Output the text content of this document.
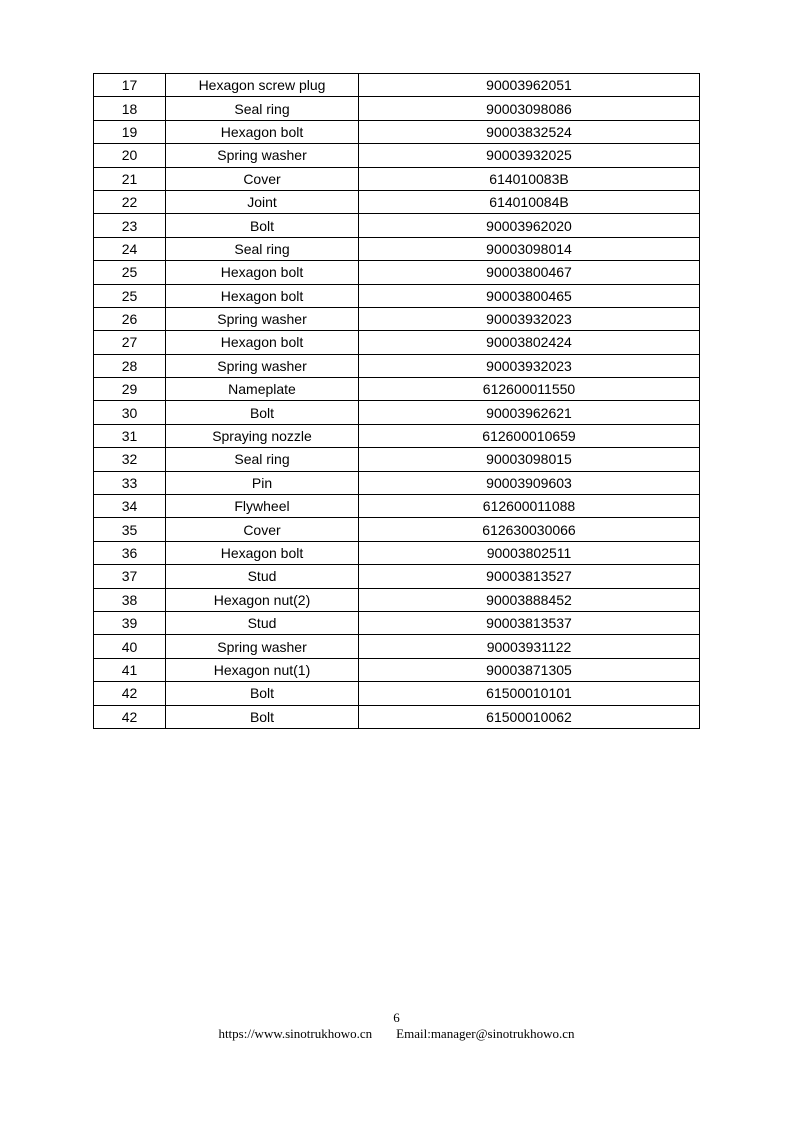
17	Hexagon screw plug	90003962051
18	Seal ring	90003098086
19	Hexagon bolt	90003832524
20	Spring washer	90003932025
21	Cover	614010083B
22	Joint	614010084B
23	Bolt	90003962020
24	Seal ring	90003098014
25	Hexagon bolt	90003800467
25	Hexagon bolt	90003800465
26	Spring washer	90003932023
27	Hexagon bolt	90003802424
28	Spring washer	90003932023
29	Nameplate	612600011550
30	Bolt	90003962621
31	Spraying nozzle	612600010659
32	Seal ring	90003098015
33	Pin	90003909603
34	Flywheel	612600011088
35	Cover	612630030066
36	Hexagon bolt	90003802511
37	Stud	90003813527
38	Hexagon nut(2)	90003888452
39	Stud	90003813537
40	Spring washer	90003931122
41	Hexagon nut(1)	90003871305
42	Bolt	61500010101
42	Bolt	61500010062
6
https://www.sinotrukhowo.cn Email:manager@sinotrukhowo.cn
